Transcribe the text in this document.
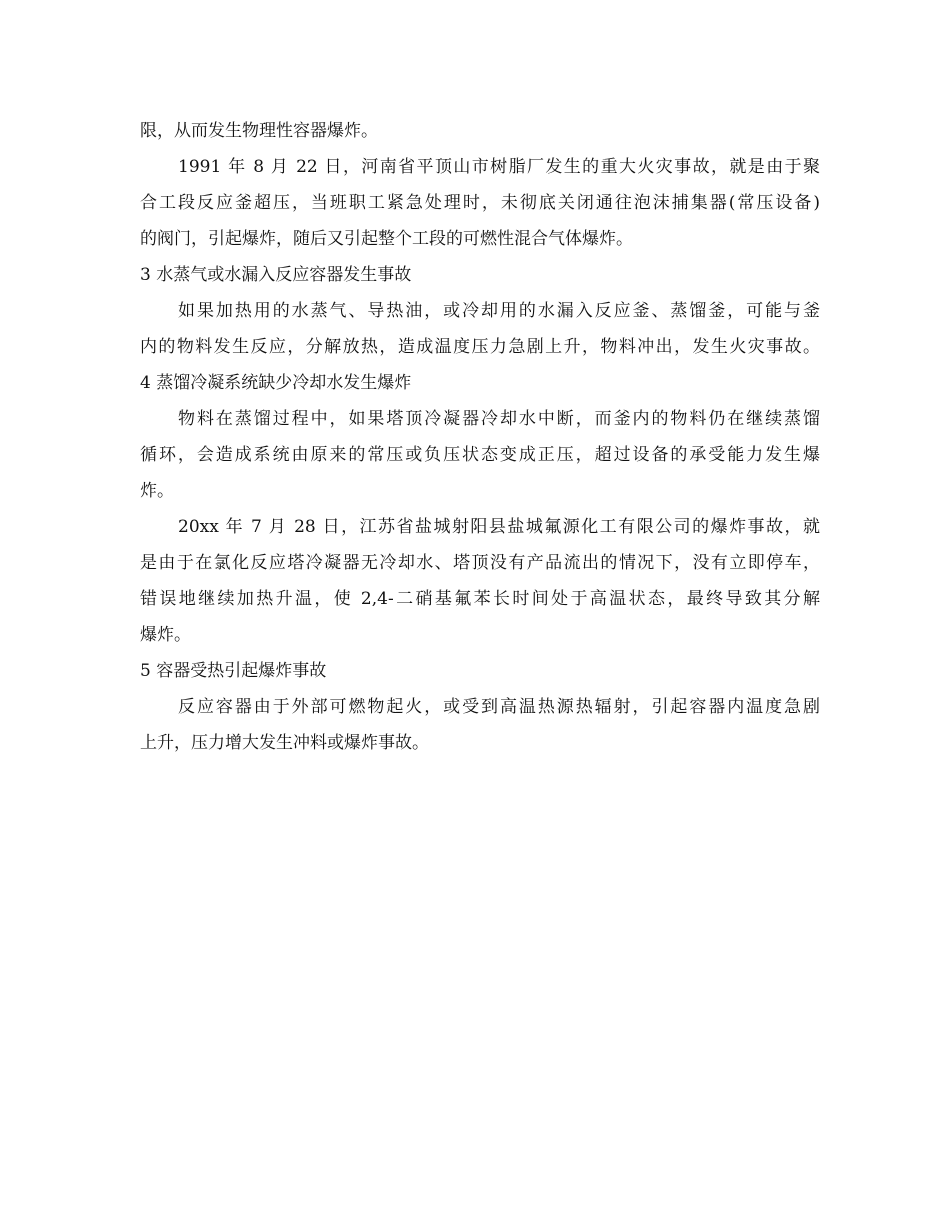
限，从而发生物理性容器爆炸。
1991 年 8 月 22 日，河南省平顶山市树脂厂发生的重大火灾事故，就是由于聚
合工段反应釜超压，当班职工紧急处理时，未彻底关闭通往泡沫捕集器(常压设备)
的阀门，引起爆炸，随后又引起整个工段的可燃性混合气体爆炸。
3 水蒸气或水漏入反应容器发生事故
如果加热用的水蒸气、导热油，或冷却用的水漏入反应釜、蒸馏釜，可能与釜
内的物料发生反应，分解放热，造成温度压力急剧上升，物料冲出，发生火灾事故。
4 蒸馏冷凝系统缺少冷却水发生爆炸
物料在蒸馏过程中，如果塔顶冷凝器冷却水中断，而釜内的物料仍在继续蒸馏
循环，会造成系统由原来的常压或负压状态变成正压，超过设备的承受能力发生爆
炸。
20xx 年 7 月 28 日，江苏省盐城射阳县盐城氟源化工有限公司的爆炸事故，就
是由于在氯化反应塔冷凝器无冷却水、塔顶没有产品流出的情况下，没有立即停车，
错误地继续加热升温，使 2,4-二硝基氟苯长时间处于高温状态，最终导致其分解
爆炸。
5 容器受热引起爆炸事故
反应容器由于外部可燃物起火，或受到高温热源热辐射，引起容器内温度急剧
上升，压力增大发生冲料或爆炸事故。
